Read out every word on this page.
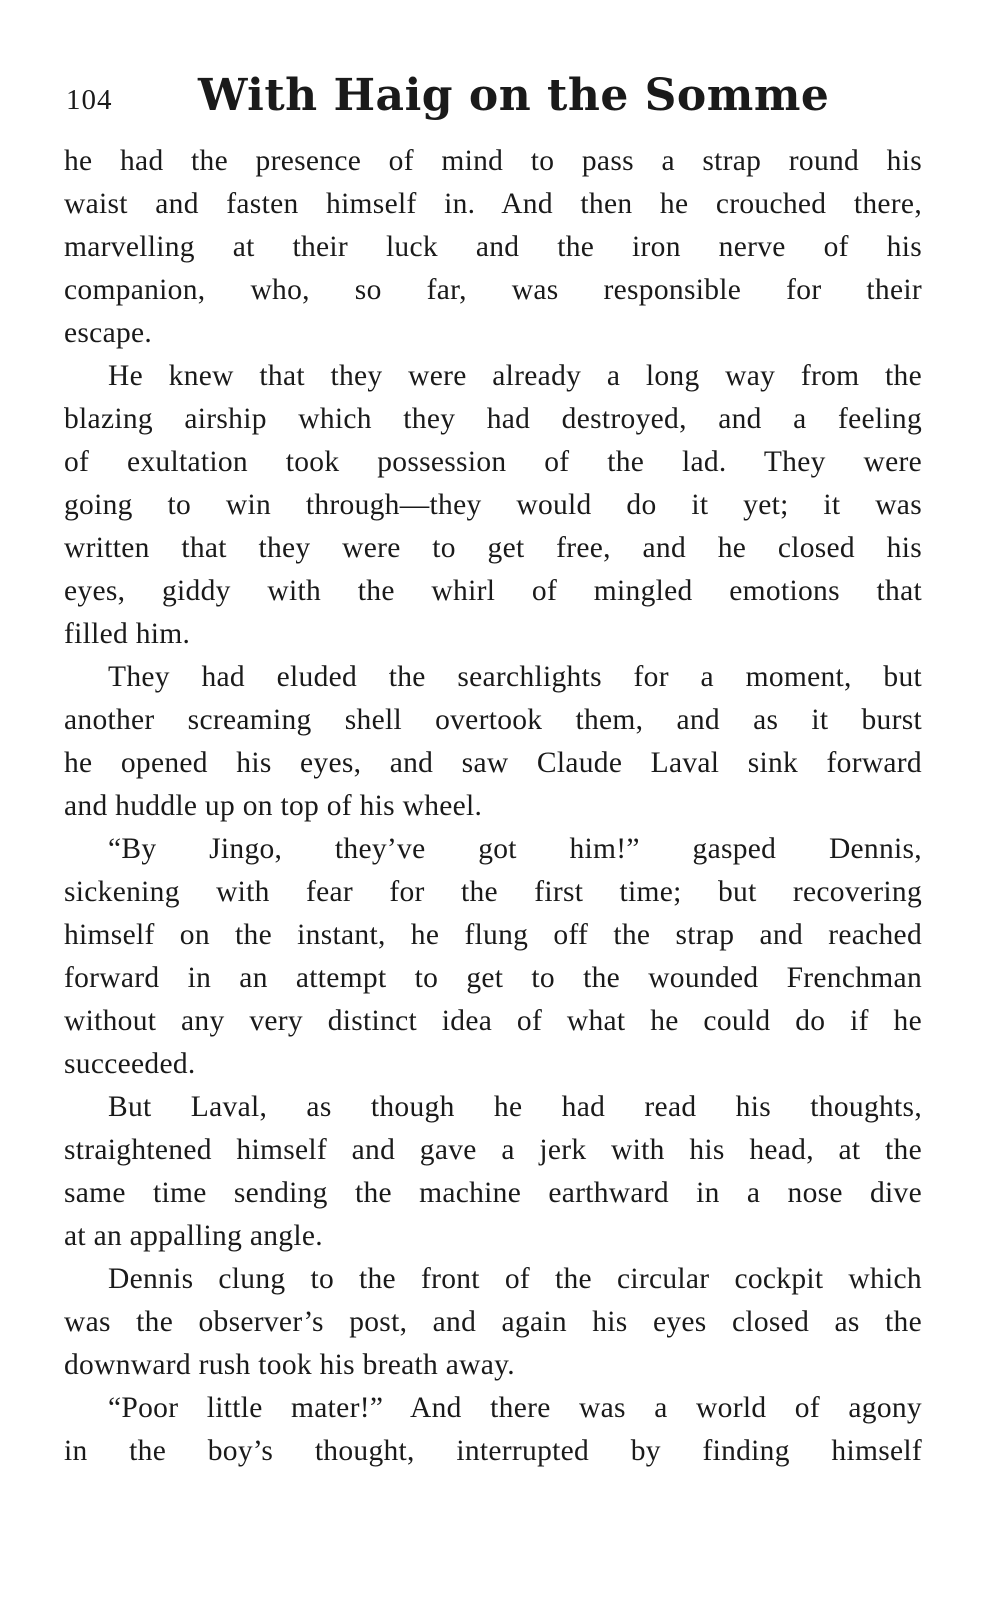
104 With Haig on the Somme
he had the presence of mind to pass a strap round his
waist and fasten himself in. And then he crouched there,
marvelling at their luck and the iron nerve of his
companion, who, so far, was responsible for their
escape.
He knew that they were already a long way from the
blazing airship which they had destroyed, and a feeling
of exultation took possession of the lad. They were
going to win through—they would do it yet; it was
written that they were to get free, and he closed his
eyes, giddy with the whirl of mingled emotions that
filled him.
They had eluded the searchlights for a moment, but
another screaming shell overtook them, and as it burst
he opened his eyes, and saw Claude Laval sink forward
and huddle up on top of his wheel.
“By Jingo, they’ve got him!” gasped Dennis,
sickening with fear for the first time; but recovering
himself on the instant, he flung off the strap and reached
forward in an attempt to get to the wounded Frenchman
without any very distinct idea of what he could do if he
succeeded.
But Laval, as though he had read his thoughts,
straightened himself and gave a jerk with his head, at the
same time sending the machine earthward in a nose dive
at an appalling angle.
Dennis clung to the front of the circular cockpit which
was the observer’s post, and again his eyes closed as the
downward rush took his breath away.
“Poor little mater!” And there was a world of agony
in the boy’s thought, interrupted by finding himself
